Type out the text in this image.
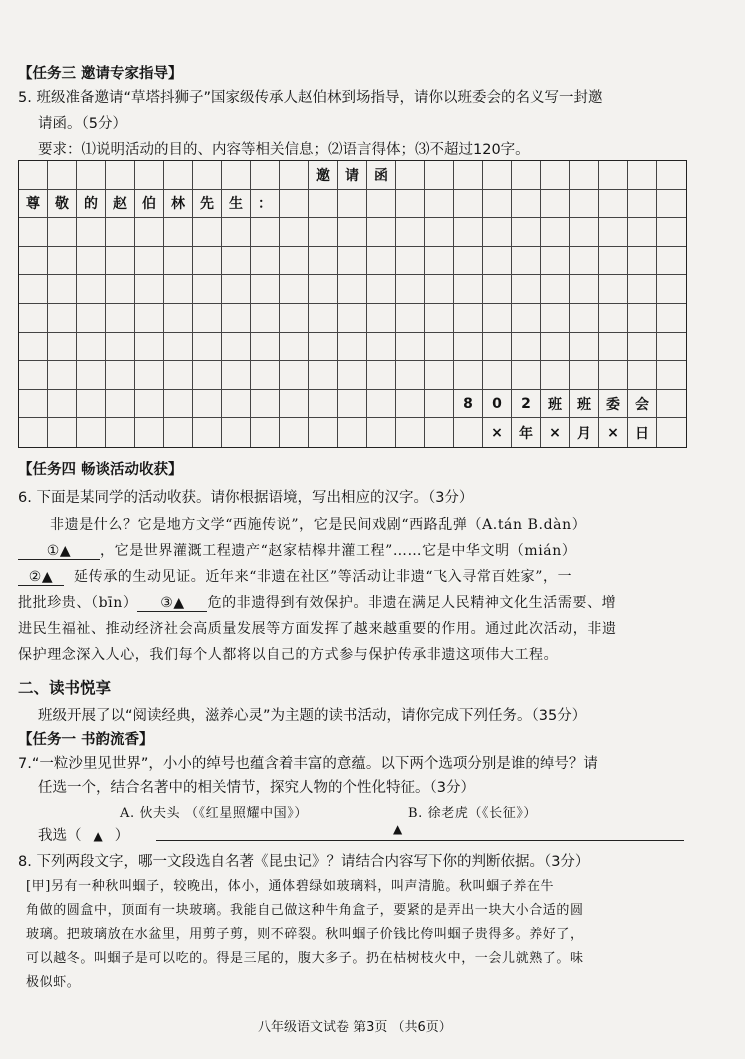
【任务三 邀请专家指导】
5. 班级准备邀请“草塔抖狮子”国家级传承人赵伯林到场指导，请你以班委会的名义写一封邀
请函。（5分）
要求：⑴说明活动的目的、内容等相关信息；⑵语言得体；⑶不超过120字。
邀	请	函
尊	敬	的	赵	伯	林	先	生	：
8	0	2	班	班	委	会
×	年	×	月	×	日
【任务四 畅谈活动收获】
6. 下面是某同学的活动收获。请你根据语境，写出相应的汉字。（3分）
非遗是什么？它是地方文学“西施传说”，它是民间戏剧“西路乱弹（A.tán B.dàn）
①▲ ，它是世界灌溉工程遗产“赵家桔槔井灌工程”……它是中华文明（mián）
②▲ 延传承的生动见证。近年来“非遗在社区”等活动让非遗“飞入寻常百姓家”，一
批批珍贵、（bīn） ③▲ 危的非遗得到有效保护。非遗在满足人民精神文化生活需要、增
进民生福祉、推动经济社会高质量发展等方面发挥了越来越重要的作用。通过此次活动，非遗
保护理念深入人心，我们每个人都将以自己的方式参与保护传承非遗这项伟大工程。
二、读书悦享
班级开展了以“阅读经典，滋养心灵”为主题的读书活动，请你完成下列任务。（35分）
【任务一 书韵流香】
7.“一粒沙里见世界”，小小的绰号也蕴含着丰富的意蕴。以下两个选项分别是谁的绰号？请
任选一个，结合名著中的相关情节，探究人物的个性化特征。（3分）
A. 伙夫头 （《红星照耀中国》）	B. 徐老虎（《长征》）
我选（ ▲ ）	▲
8. 下列两段文字，哪一文段选自名著《昆虫记》？请结合内容写下你的判断依据。（3分）
[甲]另有一种秋叫蝈子，较晚出，体小，通体碧绿如玻璃料，叫声清脆。秋叫蝈子养在牛
角做的圆盒中，顶面有一块玻璃。我能自己做这种牛角盒子，要紧的是弄出一块大小合适的圆
玻璃。把玻璃放在水盆里，用剪子剪，则不碎裂。秋叫蝈子价钱比侉叫蝈子贵得多。养好了，
可以越冬。叫蝈子是可以吃的。得是三尾的，腹大多子。扔在枯树枝火中，一会儿就熟了。味
极似虾。
八年级语文试卷 第3页 （共6页）
